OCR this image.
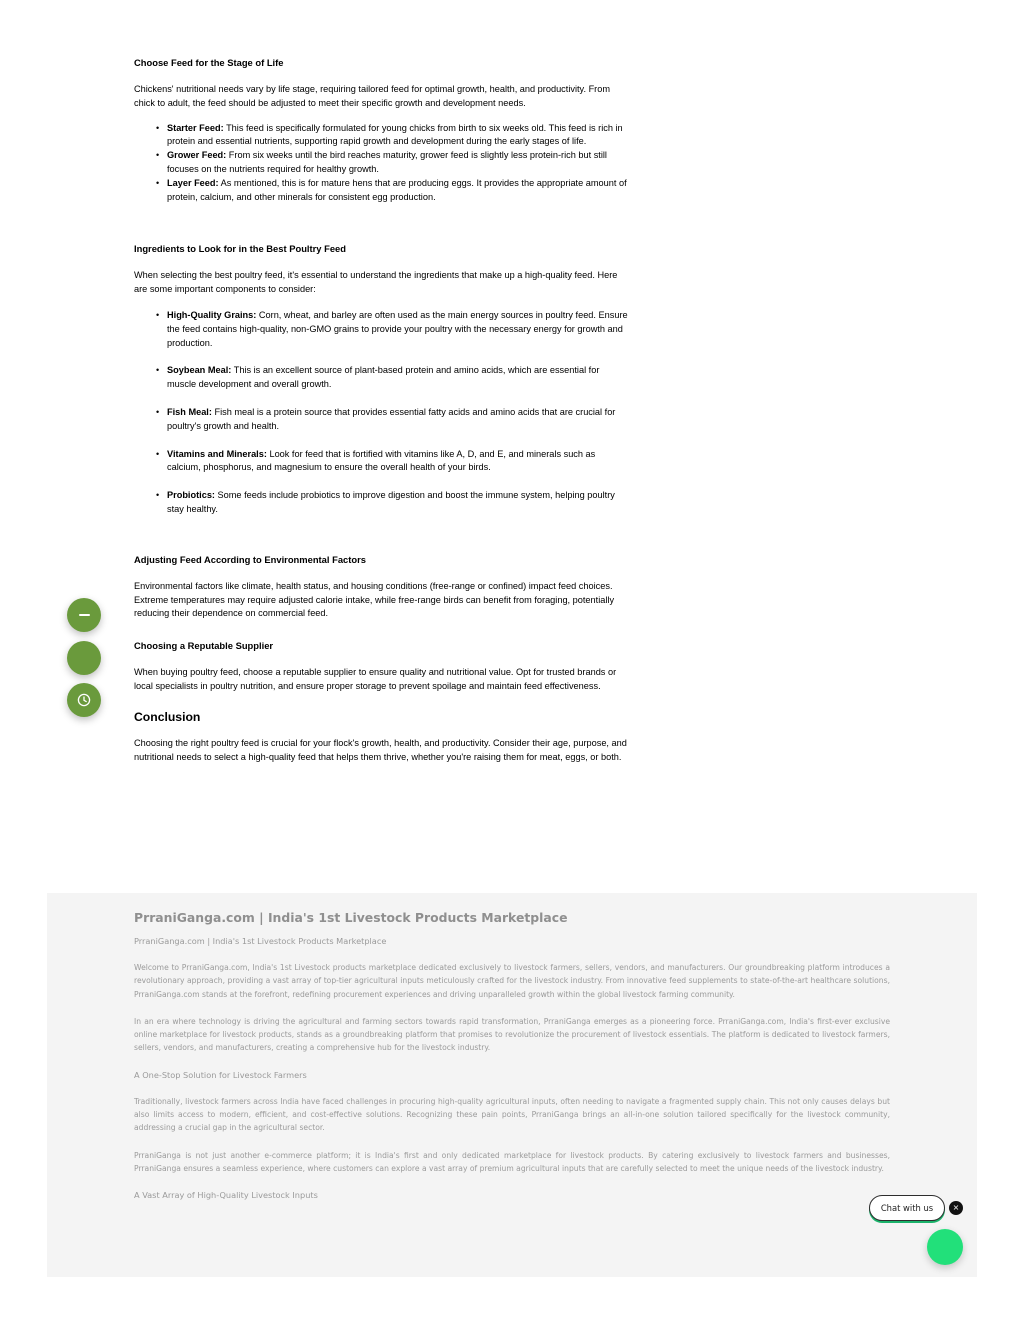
Choose Feed for the Stage of Life

Chickens' nutritional needs vary by life stage, requiring tailored feed for optimal growth, health, and productivity. From chick to adult, the feed should be adjusted to meet their specific growth and development needs.

• Starter Feed: This feed is specifically formulated for young chicks from birth to six weeks old. This feed is rich in protein and essential nutrients, supporting rapid growth and development during the early stages of life.
• Grower Feed: From six weeks until the bird reaches maturity, grower feed is slightly less protein-rich but still focuses on the nutrients required for healthy growth.
• Layer Feed: As mentioned, this is for mature hens that are producing eggs. It provides the appropriate amount of protein, calcium, and other minerals for consistent egg production.
Ingredients to Look for in the Best Poultry Feed

When selecting the best poultry feed, it's essential to understand the ingredients that make up a high-quality feed. Here are some important components to consider:

• High-Quality Grains: Corn, wheat, and barley are often used as the main energy sources in poultry feed. Ensure the feed contains high-quality, non-GMO grains to provide your poultry with the necessary energy for growth and production.
• Soybean Meal: This is an excellent source of plant-based protein and amino acids, which are essential for muscle development and overall growth.
• Fish Meal: Fish meal is a protein source that provides essential fatty acids and amino acids that are crucial for poultry's growth and health.
• Vitamins and Minerals: Look for feed that is fortified with vitamins like A, D, and E, and minerals such as calcium, phosphorus, and magnesium to ensure the overall health of your birds.
• Probiotics: Some feeds include probiotics to improve digestion and boost the immune system, helping poultry stay healthy.
Adjusting Feed According to Environmental Factors

Environmental factors like climate, health status, and housing conditions (free-range or confined) impact feed choices. Extreme temperatures may require adjusted calorie intake, while free-range birds can benefit from foraging, potentially reducing their dependence on commercial feed.

Choosing a Reputable Supplier

When buying poultry feed, choose a reputable supplier to ensure quality and nutritional value. Opt for trusted brands or local specialists in poultry nutrition, and ensure proper storage to prevent spoilage and maintain feed effectiveness.

Conclusion

Choosing the right poultry feed is crucial for your flock's growth, health, and productivity. Consider their age, purpose, and nutritional needs to select a high-quality feed that helps them thrive, whether you're raising them for meat, eggs, or both.

PrraniGanga.com | India's 1st Livestock Products Marketplace
PrraniGanga.com | India's 1st Livestock Products Marketplace

Welcome to PrraniGanga.com, India's 1st Livestock products marketplace dedicated exclusively to livestock farmers, sellers, vendors, and manufacturers. Our groundbreaking platform introduces a revolutionary approach, providing a vast array of top-tier agricultural inputs meticulously crafted for the livestock industry. From innovative feed supplements to state-of-the-art healthcare solutions, PrraniGanga.com stands at the forefront, redefining procurement experiences and driving unparalleled growth within the global livestock farming community.

In an era where technology is driving the agricultural and farming sectors towards rapid transformation, PrraniGanga emerges as a pioneering force. PrraniGanga.com, India's first-ever exclusive online marketplace for livestock products, stands as a groundbreaking platform that promises to revolutionize the procurement of livestock essentials. The platform is dedicated to livestock farmers, sellers, vendors, and manufacturers, creating a comprehensive hub for the livestock industry.

A One-Stop Solution for Livestock Farmers

Traditionally, livestock farmers across India have faced challenges in procuring high-quality agricultural inputs, often needing to navigate a fragmented supply chain. This not only causes delays but also limits access to modern, efficient, and cost-effective solutions. Recognizing these pain points, PrraniGanga brings an all-in-one solution tailored specifically for the livestock community, addressing a crucial gap in the agricultural sector.

PrraniGanga is not just another e-commerce platform; it is India's first and only dedicated marketplace for livestock products. By catering exclusively to livestock farmers and businesses, PrraniGanga ensures a seamless experience, where customers can explore a vast array of premium agricultural inputs that are carefully selected to meet the unique needs of the livestock industry.

A Vast Array of High-Quality Livestock Inputs
Chat with us	×
